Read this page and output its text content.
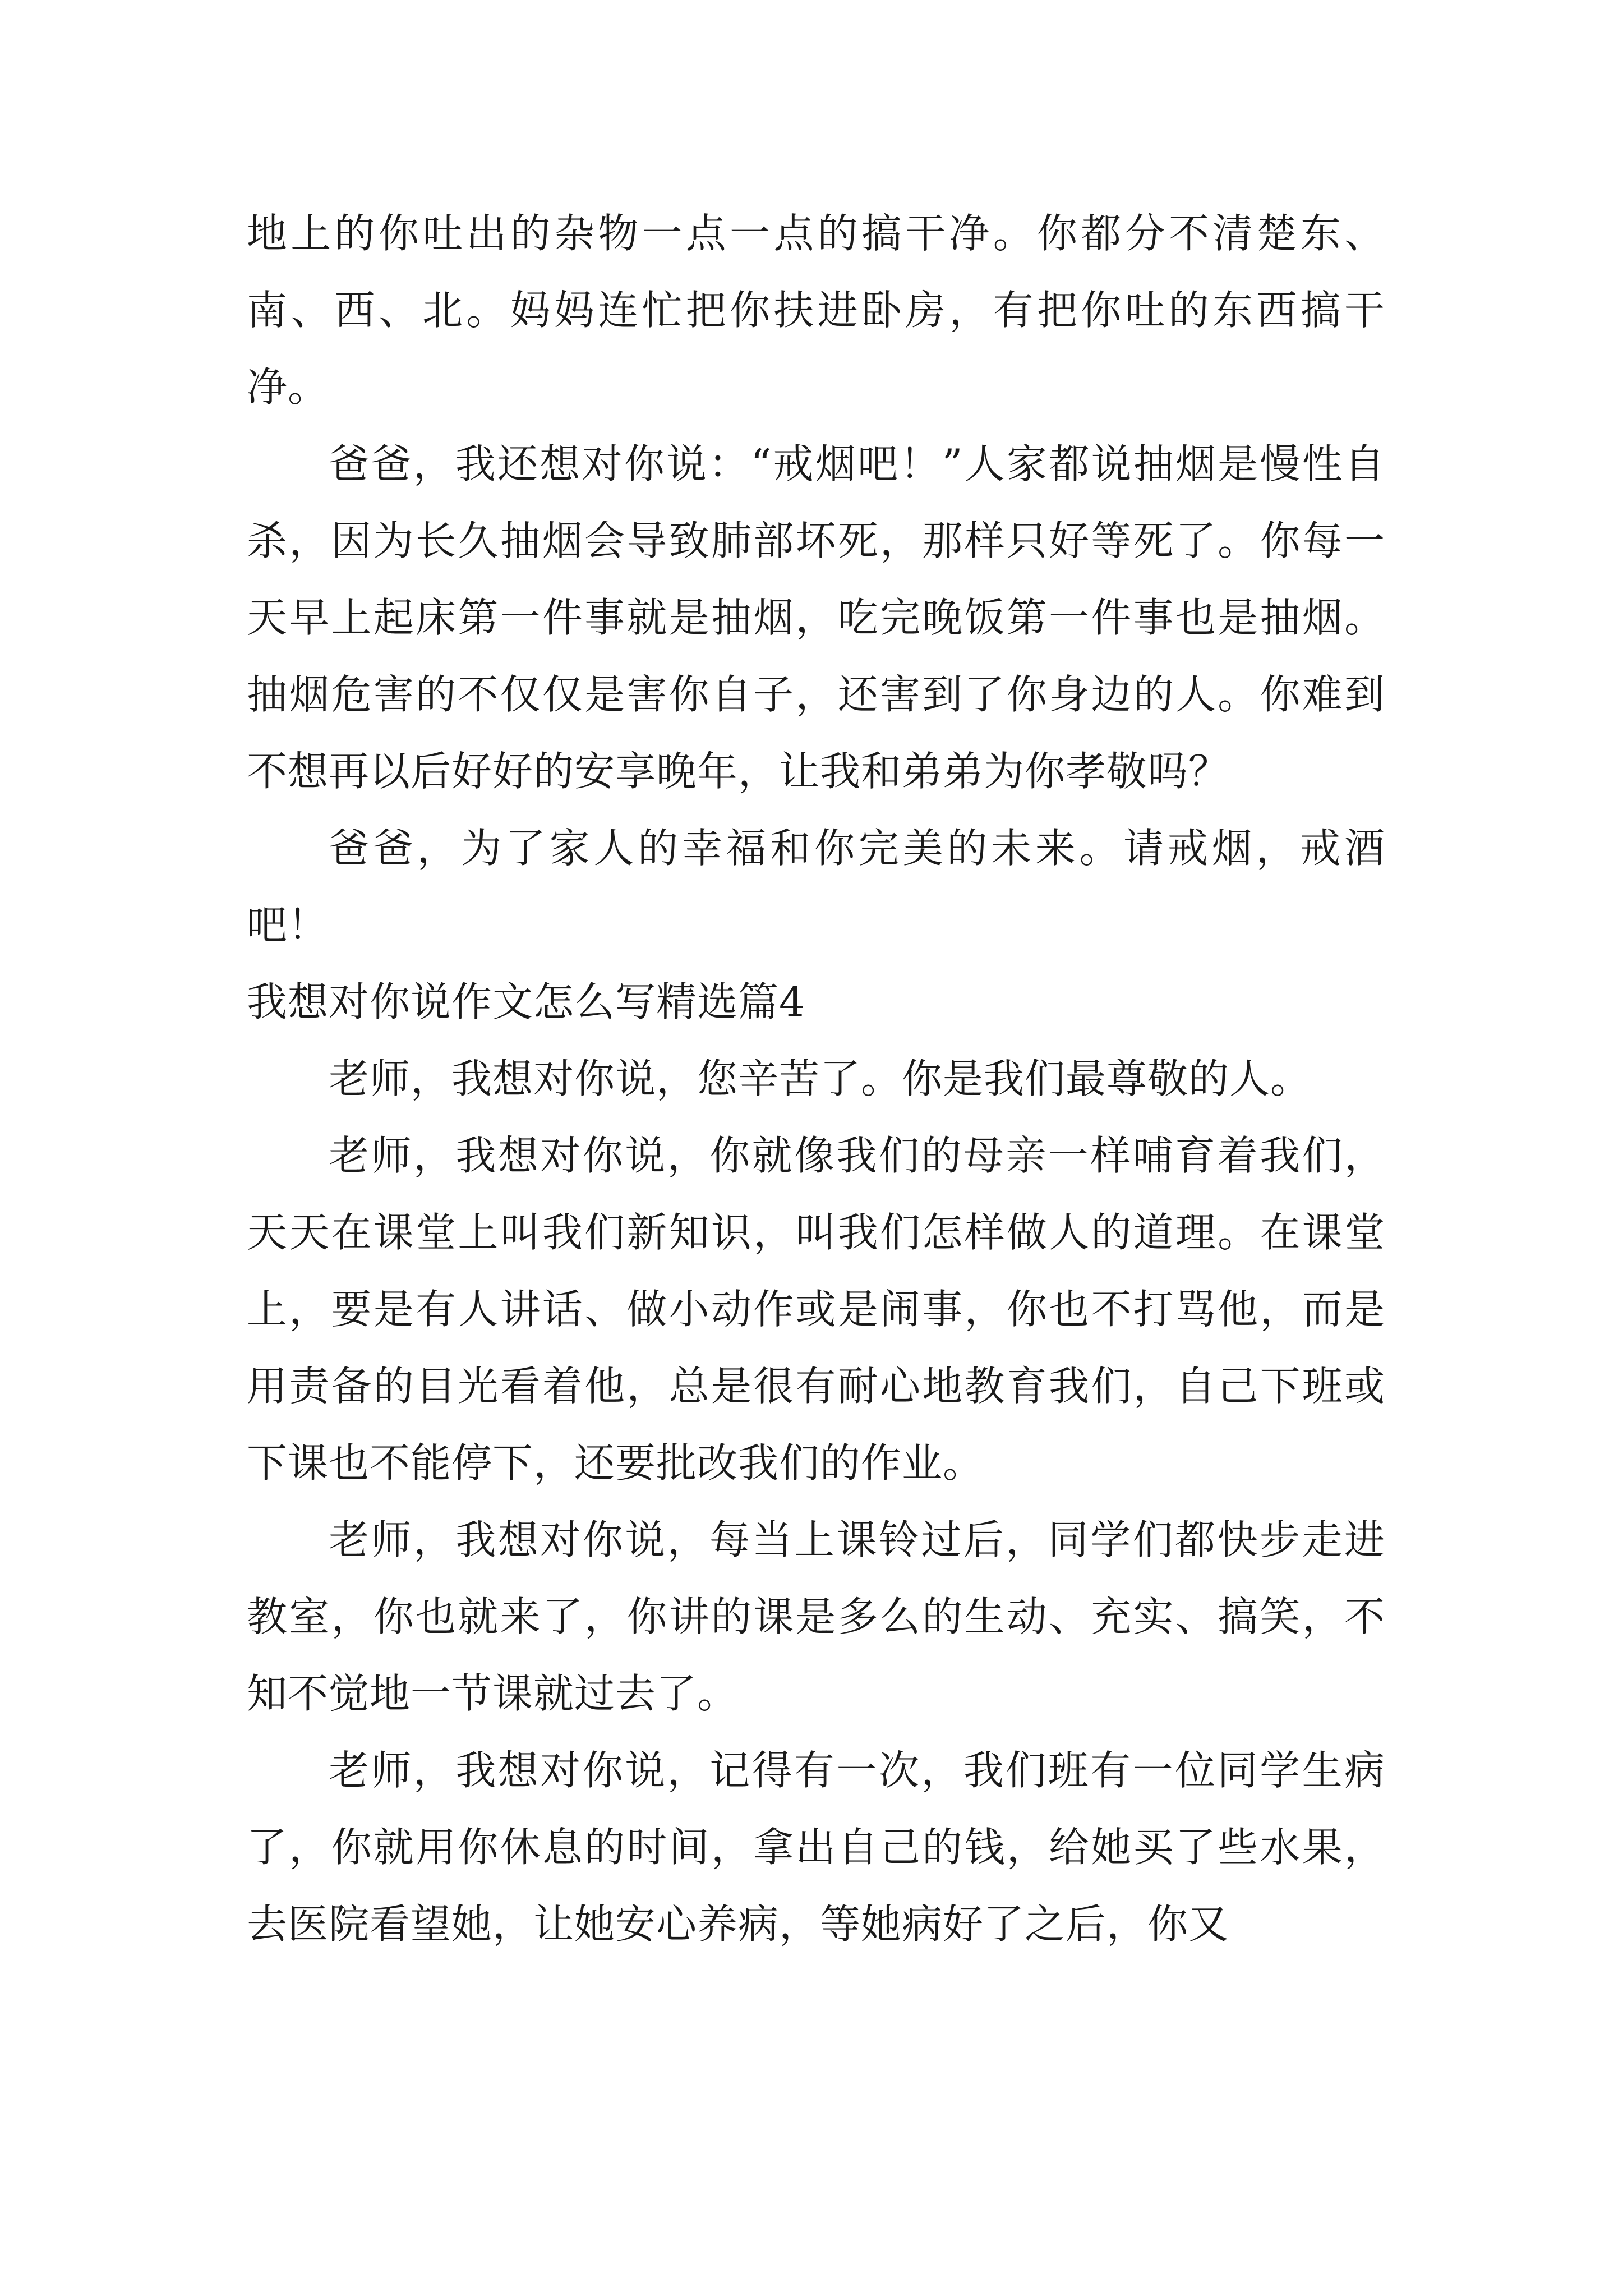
地上的你吐出的杂物一点一点的搞干净。你都分不清楚东、南、西、北。妈妈连忙把你扶进卧房，有把你吐的东西搞干净。

爸爸，我还想对你说：“戒烟吧！”人家都说抽烟是慢性自杀，因为长久抽烟会导致肺部坏死，那样只好等死了。你每一天早上起床第一件事就是抽烟，吃完晚饭第一件事也是抽烟。抽烟危害的不仅仅是害你自子，还害到了你身边的人。你难到不想再以后好好的安享晚年，让我和弟弟为你孝敬吗？

爸爸，为了家人的幸福和你完美的未来。请戒烟，戒酒吧！

我想对你说作文怎么写精选篇4

老师，我想对你说，您辛苦了。你是我们最尊敬的人。

老师，我想对你说，你就像我们的母亲一样哺育着我们，天天在课堂上叫我们新知识，叫我们怎样做人的道理。在课堂上，要是有人讲话、做小动作或是闹事，你也不打骂他，而是用责备的目光看着他，总是很有耐心地教育我们，自己下班或下课也不能停下，还要批改我们的作业。

老师，我想对你说，每当上课铃过后，同学们都快步走进教室，你也就来了，你讲的课是多么的生动、充实、搞笑，不知不觉地一节课就过去了。

老师，我想对你说，记得有一次，我们班有一位同学生病了，你就用你休息的时间，拿出自己的钱，给她买了些水果，去医院看望她，让她安心养病，等她病好了之后，你又
